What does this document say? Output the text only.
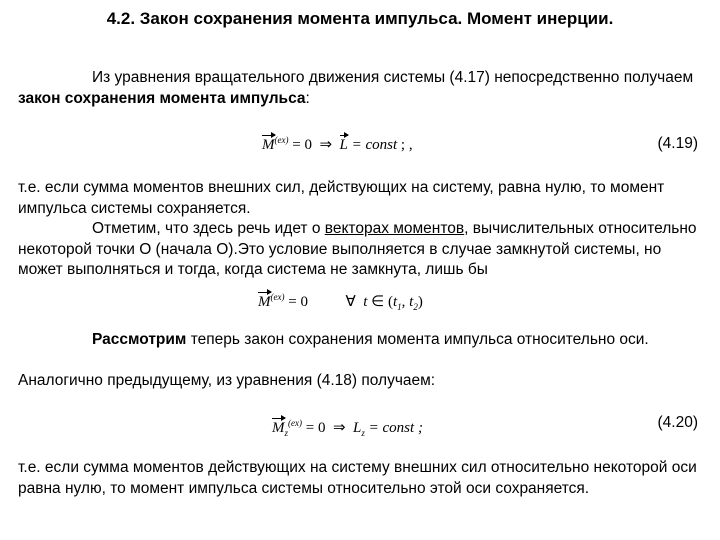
4.2. Закон сохранения момента импульса. Момент инерции.
Из уравнения вращательного движения системы (4.17) непосредственно получаем закон сохранения момента импульса:
$M^{(ex)} = 0$ ⇒ L = const ; ,	(4.19)
т.е. если сумма моментов внешних сил, действующих на систему, равна нулю, то момент импульса системы сохраняется.
Отметим, что здесь речь идет о векторах моментов, вычислительных относительно некоторой точки О (начала О).Это условие выполняется в случае замкнутой системы, но может выполняться и тогда, когда система не замкнута, лишь бы
$M^{(ex)} = 0$	∀ t ∈ ($t_1$, $t_2$)
Рассмотрим теперь закон сохранения момента импульса относительно оси.
Аналогично предыдущему, из уравнения (4.18) получаем:
$M_z^{(ex)} = 0$ ⇒ $L_z$ = const ;	(4.20)
т.е. если сумма моментов действующих на систему внешних сил относительно некоторой оси равна нулю, то момент импульса системы относительно этой оси сохраняется.
